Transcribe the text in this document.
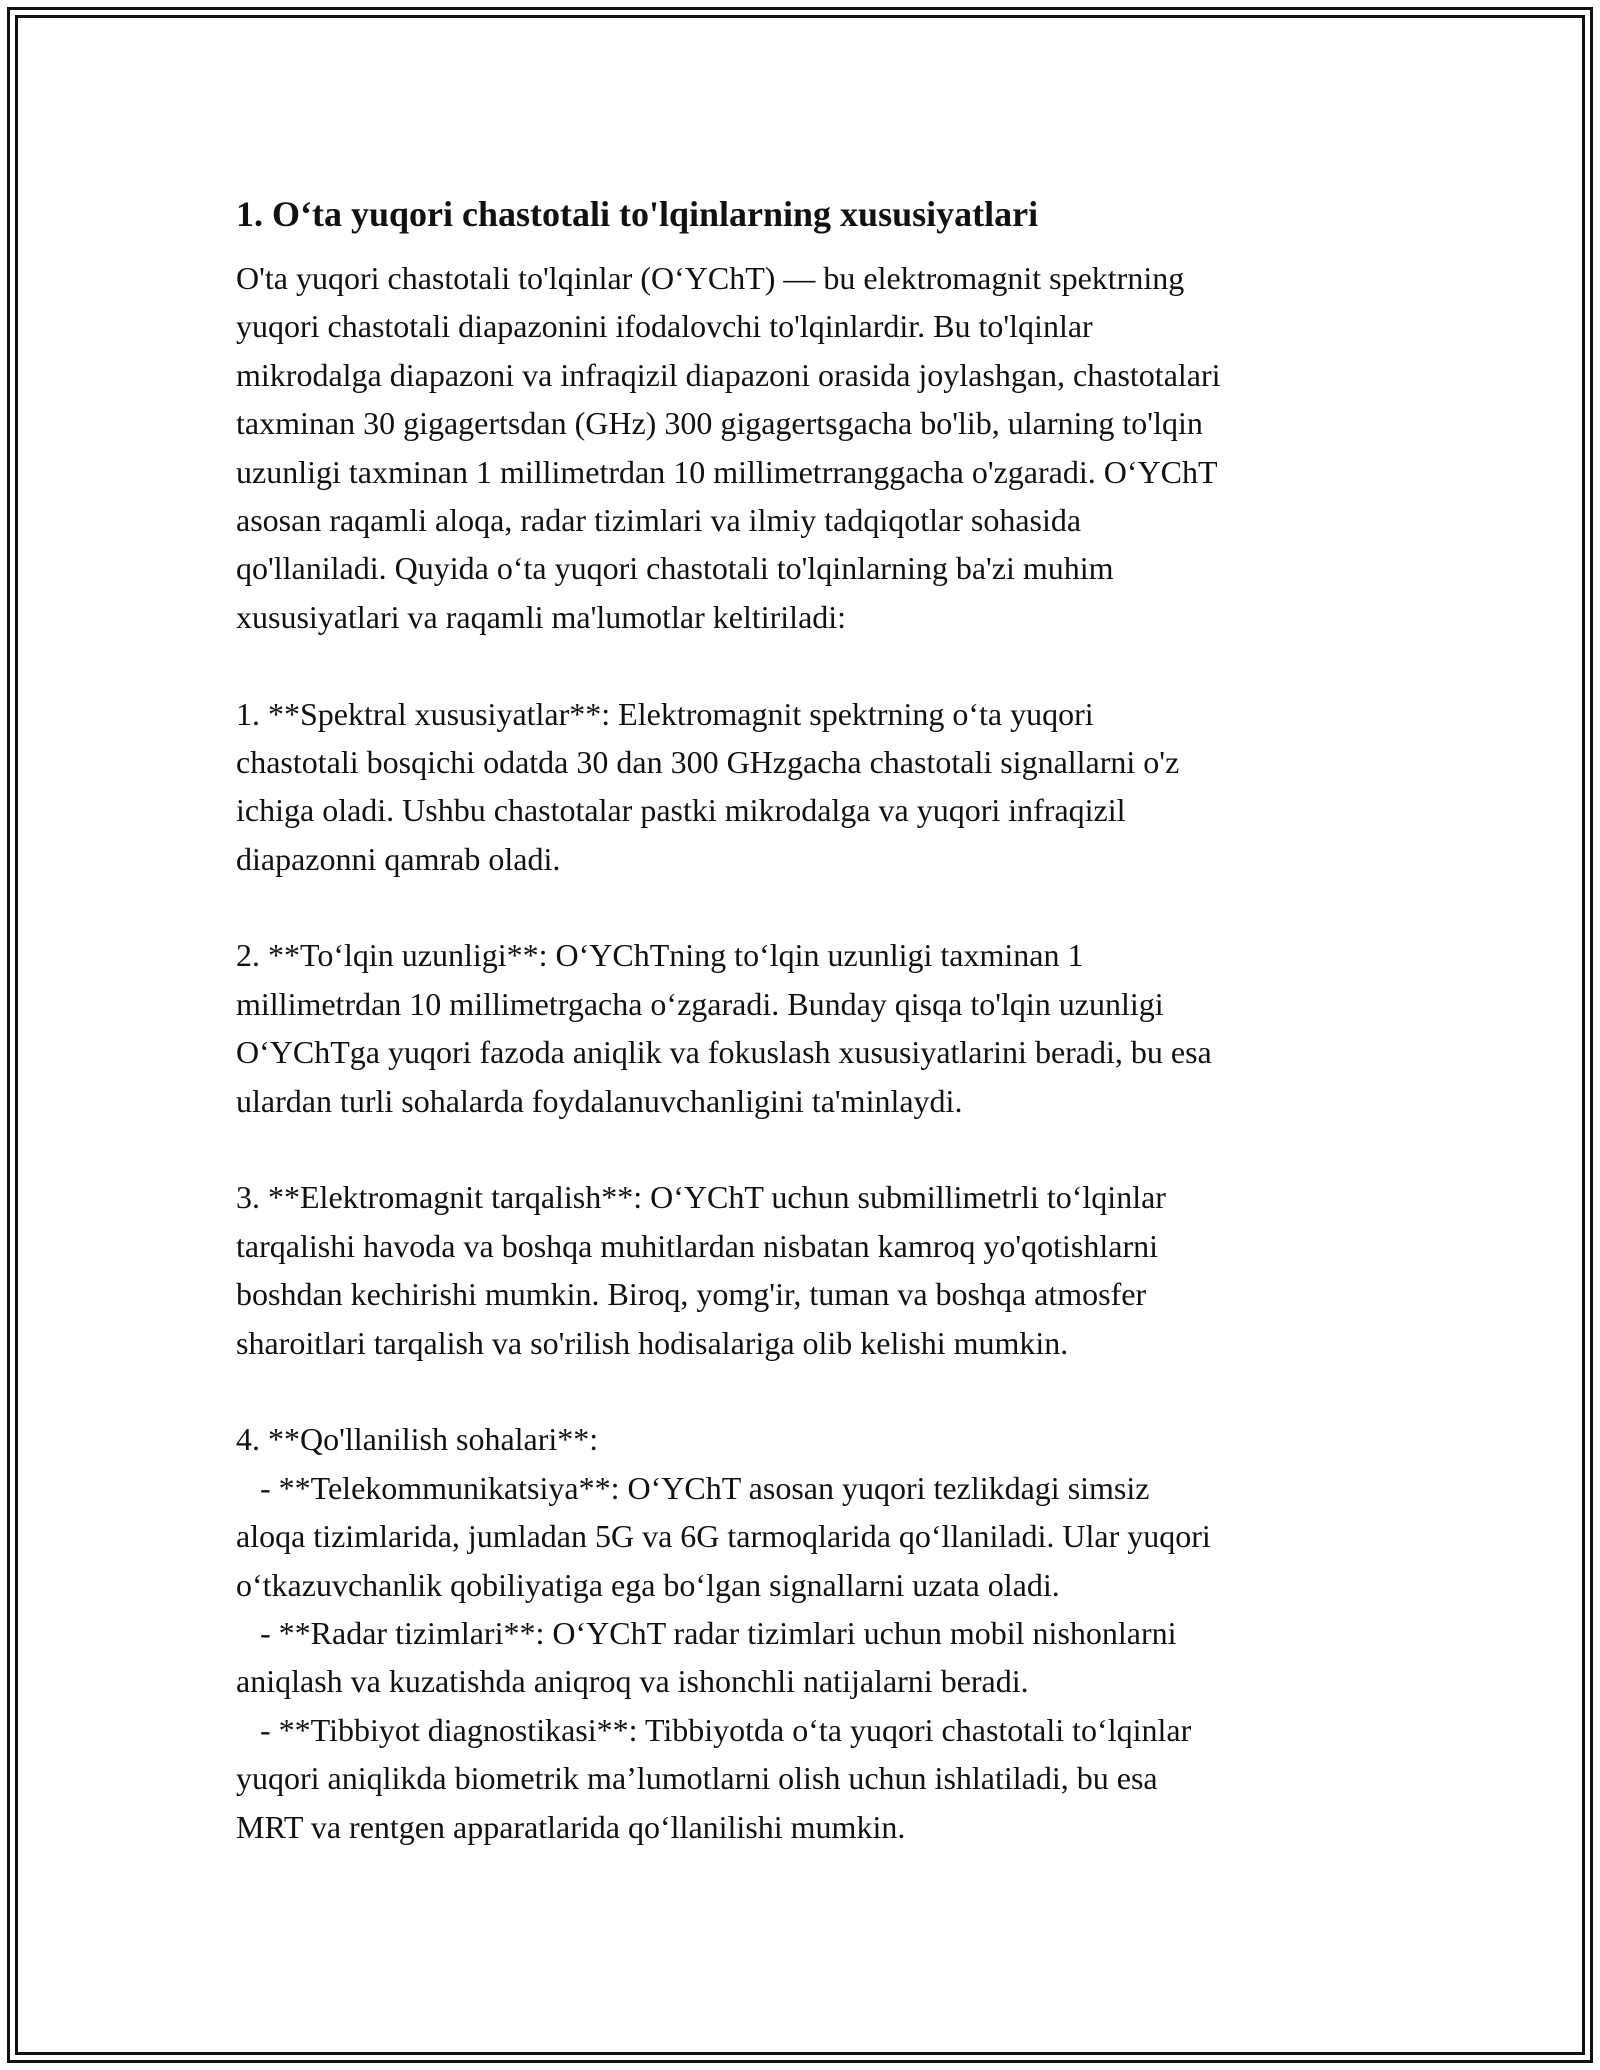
1. O‘ta yuqori chastotali to'lqinlarning xususiyatlari
O'ta yuqori chastotali to'lqinlar (O‘YChT) — bu elektromagnit spektrning
yuqori chastotali diapazonini ifodalovchi to'lqinlardir. Bu to'lqinlar
mikrodalga diapazoni va infraqizil diapazoni orasida joylashgan, chastotalari
taxminan 30 gigagertsdan (GHz) 300 gigagertsgacha bo'lib, ularning to'lqin
uzunligi taxminan 1 millimetrdan 10 millimetrranggacha o'zgaradi. O‘YChT
asosan raqamli aloqa, radar tizimlari va ilmiy tadqiqotlar sohasida
qo'llaniladi. Quyida o‘ta yuqori chastotali to'lqinlarning ba'zi muhim
xususiyatlari va raqamli ma'lumotlar keltiriladi:
1. **Spektral xususiyatlar**: Elektromagnit spektrning o‘ta yuqori
chastotali bosqichi odatda 30 dan 300 GHzgacha chastotali signallarni o'z
ichiga oladi. Ushbu chastotalar pastki mikrodalga va yuqori infraqizil
diapazonni qamrab oladi.
2. **To‘lqin uzunligi**: O‘YChTning to‘lqin uzunligi taxminan 1
millimetrdan 10 millimetrgacha o‘zgaradi. Bunday qisqa to'lqin uzunligi
O‘YChTga yuqori fazoda aniqlik va fokuslash xususiyatlarini beradi, bu esa
ulardan turli sohalarda foydalanuvchanligini ta'minlaydi.
3. **Elektromagnit tarqalish**: O‘YChT uchun submillimetrli to‘lqinlar
tarqalishi havoda va boshqa muhitlardan nisbatan kamroq yo'qotishlarni
boshdan kechirishi mumkin. Biroq, yomg'ir, tuman va boshqa atmosfer
sharoitlari tarqalish va so'rilish hodisalariga olib kelishi mumkin.
4. **Qo'llanilish sohalari**:
- **Telekommunikatsiya**: O‘YChT asosan yuqori tezlikdagi simsiz
aloqa tizimlarida, jumladan 5G va 6G tarmoqlarida qo‘llaniladi. Ular yuqori
o‘tkazuvchanlik qobiliyatiga ega bo‘lgan signallarni uzata oladi.
- **Radar tizimlari**: O‘YChT radar tizimlari uchun mobil nishonlarni
aniqlash va kuzatishda aniqroq va ishonchli natijalarni beradi.
- **Tibbiyot diagnostikasi**: Tibbiyotda o‘ta yuqori chastotali to‘lqinlar
yuqori aniqlikda biometrik ma’lumotlarni olish uchun ishlatiladi, bu esa
MRT va rentgen apparatlarida qo‘llanilishi mumkin.
